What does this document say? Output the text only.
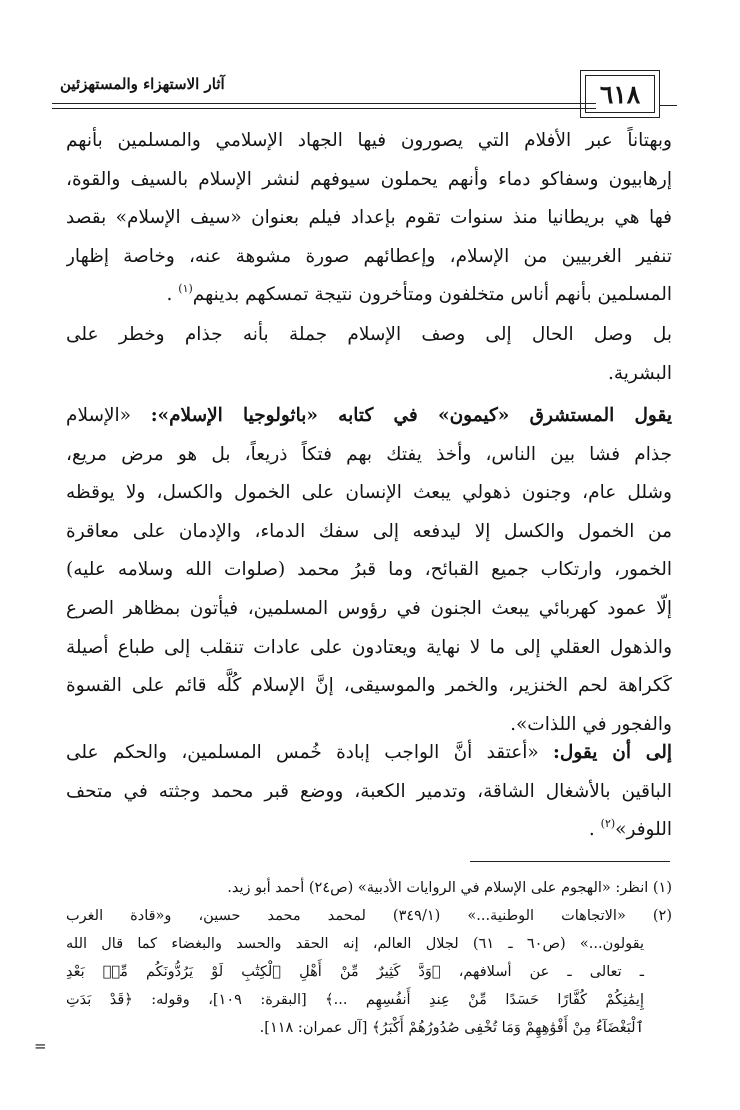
٦١٨
آثار الاستهزاء والمستهزئين
وبهتاناً عبر الأفلام التي يصورون فيها الجهاد الإسلامي والمسلمين بأنهم
إرهابيون وسفاكو دماء وأنهم يحملون سيوفهم لنشر الإسلام بالسيف والقوة،
فها هي بريطانيا منذ سنوات تقوم بإعداد فيلم بعنوان «سيف الإسلام» بقصد
تنفير الغربيين من الإسلام، وإعطائهم صورة مشوهة عنه، وخاصة إظهار
المسلمين بأنهم أناس متخلفون ومتأخرون نتيجة تمسكهم بدينهم$^{(١)}$ .
بل وصل الحال إلى وصف الإسلام جملة بأنه جذام وخطر على
البشرية.
يقول المستشرق «كيمون» في كتابه «باثولوجيا الإسلام»: «الإسلام
جذام فشا بين الناس، وأخذ يفتك بهم فتكاً ذريعاً، بل هو مرض مريع،
وشلل عام، وجنون ذهولي يبعث الإنسان على الخمول والكسل، ولا يوقظه
من الخمول والكسل إلا ليدفعه إلى سفك الدماء، والإدمان على معاقرة
الخمور، وارتكاب جميع القبائح، وما قبرُ محمد (صلوات الله وسلامه عليه)
إلّا عمود كهربائي يبعث الجنون في رؤوس المسلمين، فيأتون بمظاهر الصرع
والذهول العقلي إلى ما لا نهاية ويعتادون على عادات تنقلب إلى طباع أصيلة
كَكراهة لحم الخنزير، والخمر والموسيقى، إنَّ الإسلام كُلَّه قائم على القسوة
والفجور في اللذات».
إلى أن يقول: «أعتقد أنَّ الواجب إبادة خُمس المسلمين، والحكم على
الباقين بالأشغال الشاقة، وتدمير الكعبة، ووضع قبر محمد وجثته في متحف
اللوفر»$^{(٢)}$ .
(١) انظر: «الهجوم على الإسلام في الروايات الأدبية» (ص٢٤) أحمد أبو زيد.
(٢) «الاتجاهات الوطنية...» (٣٤٩/١) لمحمد محمد حسين، و«قادة الغرب
يقولون...» (ص٦٠ ـ ٦١) لجلال العالم، إنه الحقد والحسد والبغضاء كما قال الله
ـ تعالى ـ عن أسلافهم، ﴿وَدَّ كَثِيرٌ مِّنْ أَهْلِ ٱلْكِتَٰبِ لَوْ يَرُدُّونَكُم مِّنۢ بَعْدِ
إِيمَٰنِكُمْ كُفَّارًا حَسَدًا مِّنْ عِندِ أَنفُسِهِم ...﴾ [البقرة: ١٠٩]، وقوله: ﴿قَدْ بَدَتِ
ٱلْبَغْضَآءُ مِنْ أَفْوَٰهِهِمْ وَمَا تُخْفِى صُدُورُهُمْ أَكْبَرُ﴾ [آل عمران: ١١٨].
=
